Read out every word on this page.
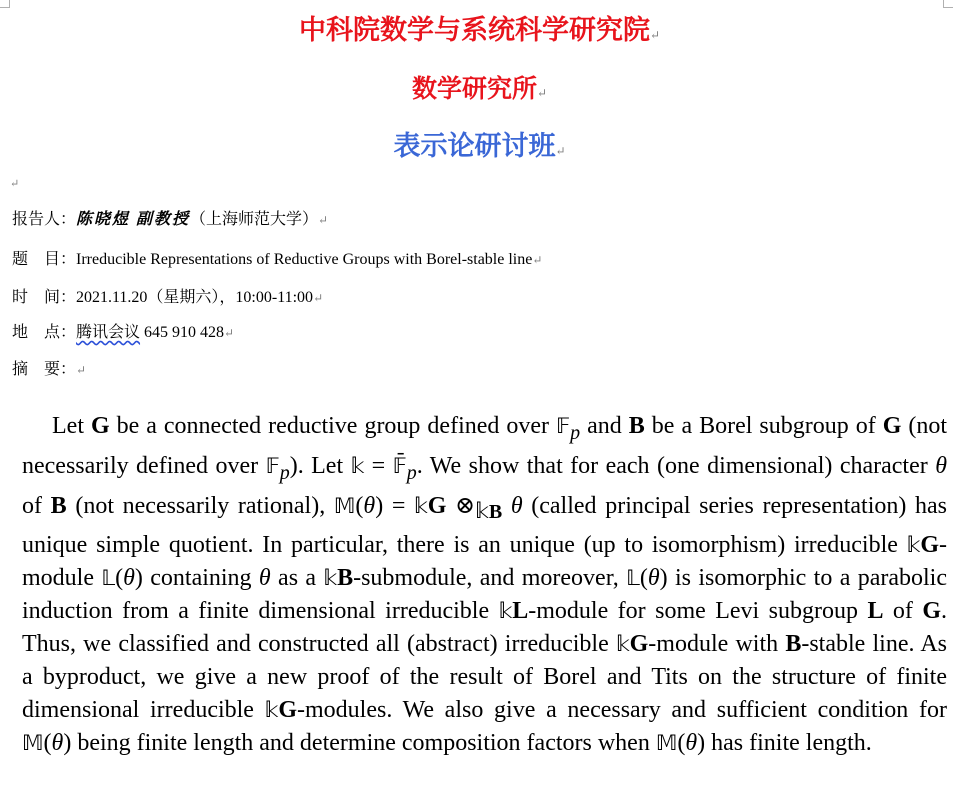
中科院数学与系统科学研究院↵
数学研究所↵
表示论研讨班↵
↵
报告人：陈晓煜 副教授（上海师范大学）↵
题　目：Irreducible Representations of Reductive Groups with Borel-stable line↵
时　间：2021.11.20（星期六），10:00-11:00↵
地　点：腾讯会议 645 910 428↵
摘　要：↵

Let G be a connected reductive group defined over 𝔽$_p$ and B be a Borel subgroup of G (not necessarily defined over 𝔽$_p$). Let 𝕜 = $𝔽̄_p$. We show that for each (one dimensional) character θ of B (not necessarily rational), 𝕄(θ) = 𝕜G $\otimes_{𝕜B}$ θ (called principal series representation) has unique simple quotient. In particular, there is an unique (up to isomorphism) irreducible 𝕜G-module 𝕃(θ) containing θ as a 𝕜B-submodule, and moreover, 𝕃(θ) is isomorphic to a parabolic induction from a finite dimensional irreducible 𝕜L-module for some Levi subgroup L of G. Thus, we classified and constructed all (abstract) irreducible 𝕜G-module with B-stable line. As a byproduct, we give a new proof of the result of Borel and Tits on the structure of finite dimensional irreducible 𝕜G-modules. We also give a necessary and sufficient condition for 𝕄(θ) being finite length and determine composition factors when 𝕄(θ) has finite length.
